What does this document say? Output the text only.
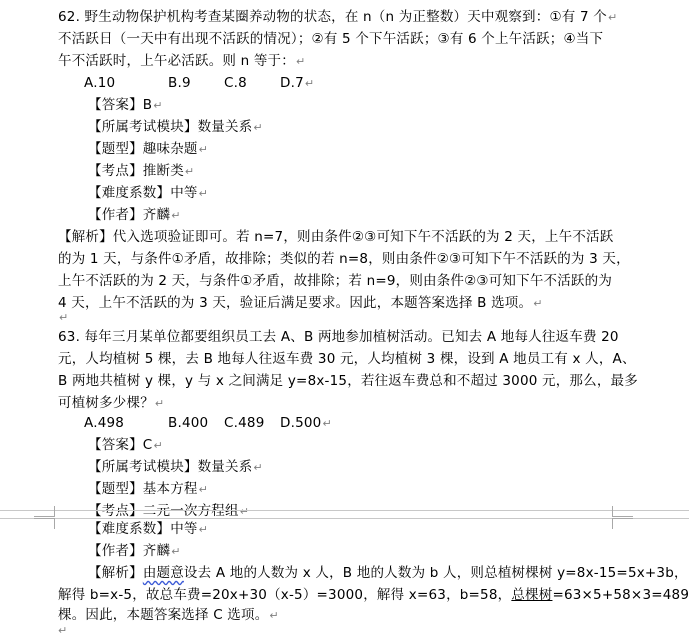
62. 野生动物保护机构考查某圈养动物的状态，在 n（n 为正整数）天中观察到：①有 7 个↵
不活跃日（一天中有出现不活跃的情况）；②有 5 个下午活跃；③有 6 个上午活跃；④当下
午不活跃时，上午必活跃。则 n 等于：↵
A.10	B.9 C.8 D.7↵
【答案】B↵
【所属考试模块】数量关系↵
【题型】趣味杂题↵
【考点】推断类↵
【难度系数】中等↵
【作者】齐麟↵
【解析】代入选项验证即可。若 n=7，则由条件②③可知下午不活跃的为 2 天，上午不活跃
的为 1 天，与条件①矛盾，故排除；类似的若 n=8，则由条件②③可知下午不活跃的为 3 天，
上午不活跃的为 2 天，与条件①矛盾，故排除；若 n=9，则由条件②③可知下午不活跃的为
4 天，上午不活跃的为 3 天，验证后满足要求。因此，本题答案选择 B 选项。↵
↵
63. 每年三月某单位都要组织员工去 A、B 两地参加植树活动。已知去 A 地每人往返车费 20
元，人均植树 5 棵，去 B 地每人往返车费 30 元，人均植树 3 棵，设到 A 地员工有 x 人，A、
B 两地共植树 y 棵，y 与 x 之间满足 y=8x-15，若往返车费总和不超过 3000 元，那么，最多
可植树多少棵？↵
A.498	B.400 C.489 D.500↵
【答案】C↵
【所属考试模块】数量关系↵
【题型】基本方程↵
【考点】二元一次方程组↵
【难度系数】中等↵
【作者】齐麟↵
【解析】由题意设去 A 地的人数为 x 人，B 地的人数为 b 人，则总植树棵树 y=8x-15=5x+3b，
解得 b=x-5，故总车费=20x+30（x-5）=3000，解得 x=63，b=58，总棵树=63×5+58×3=489
棵。因此，本题答案选择 C 选项。↵
↵
